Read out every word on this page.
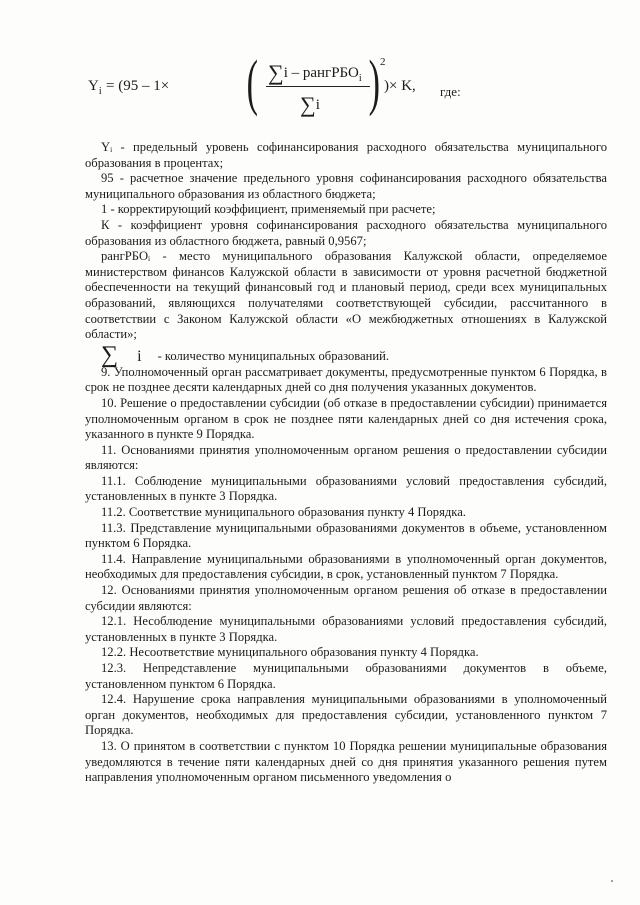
$Y_i = (95 - 1\times$ ( ∑i – рангРБО$_i$
∑i ) 2
)× K, где:

Yᵢ - предельный уровень софинансирования расходного обязательства муниципального образования в процентах;

95 - расчетное значение предельного уровня софинансирования расходного обязательства муниципального образования из областного бюджета;

1 - корректирующий коэффициент, применяемый при расчете;

К - коэффициент уровня софинансирования расходного обязательства муниципального образования из областного бюджета, равный 0,9567;

рангРБОᵢ - место муниципального образования Калужской области, определяемое министерством финансов Калужской области в зависимости от уровня расчетной бюджетной обеспеченности на текущий финансовый год и плановый период, среди всех муниципальных образований, являющихся получателями соответствующей субсидии, рассчитанного в соответствии с Законом Калужской области «О межбюджетных отношениях в Калужской области»;

∑	i	- количество муниципальных образований.

9. Уполномоченный орган рассматривает документы, предусмотренные пунктом 6 Порядка, в срок не позднее десяти календарных дней со дня получения указанных документов.

10. Решение о предоставлении субсидии (об отказе в предоставлении субсидии) принимается уполномоченным органом в срок не позднее пяти календарных дней со дня истечения срока, указанного в пункте 9 Порядка.

11. Основаниями принятия уполномоченным органом решения о предоставлении субсидии являются:

11.1. Соблюдение муниципальными образованиями условий предоставления субсидий, установленных в пункте 3 Порядка.

11.2. Соответствие муниципального образования пункту 4 Порядка.

11.3. Представление муниципальными образованиями документов в объеме, установленном пунктом 6 Порядка.

11.4. Направление муниципальными образованиями в уполномоченный орган документов, необходимых для предоставления субсидии, в срок, установленный пунктом 7 Порядка.

12. Основаниями принятия уполномоченным органом решения об отказе в предоставлении субсидии являются:

12.1. Несоблюдение муниципальными образованиями условий предоставления субсидий, установленных в пункте 3 Порядка.

12.2. Несоответствие муниципального образования пункту 4 Порядка.

12.3. Непредставление муниципальными образованиями документов в объеме, установленном пунктом 6 Порядка.

12.4. Нарушение срока направления муниципальными образованиями в уполномоченный орган документов, необходимых для предоставления субсидии, установленного пунктом 7 Порядка.

13. О принятом в соответствии с пунктом 10 Порядка решении муниципальные образования уведомляются в течение пяти календарных дней со дня принятия указанного решения путем направления уполномоченным органом письменного уведомления о
